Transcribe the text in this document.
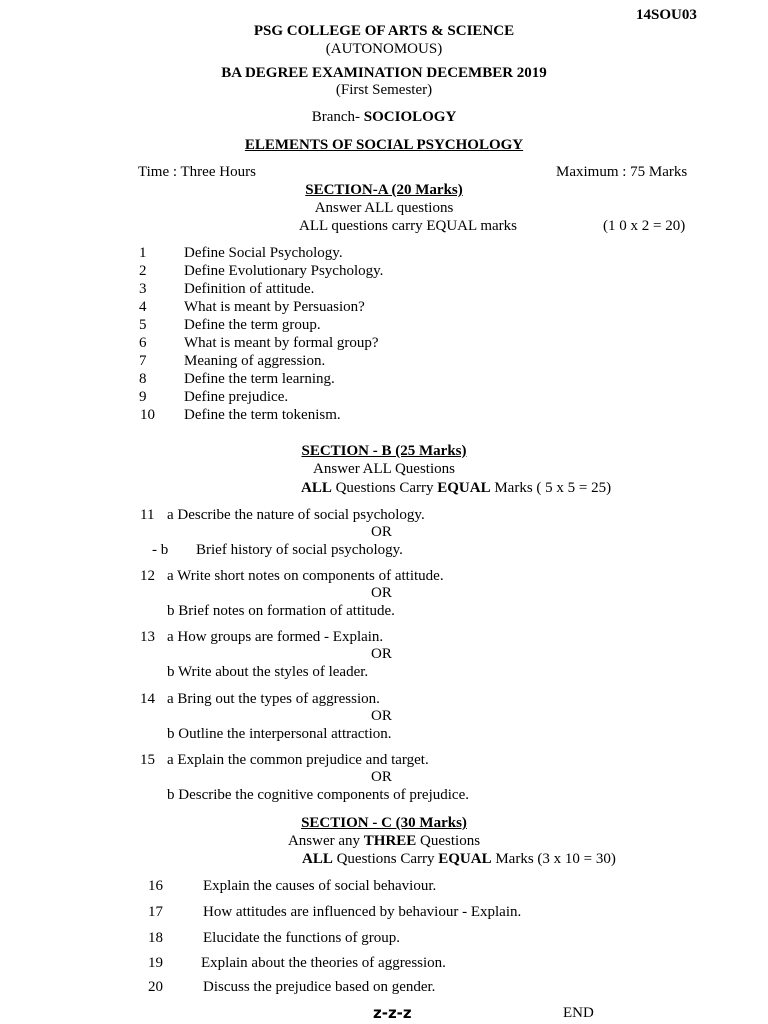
14SOU03
PSG COLLEGE OF ARTS & SCIENCE
(AUTONOMOUS)
BA DEGREE EXAMINATION DECEMBER 2019
(First Semester)
Branch- SOCIOLOGY
ELEMENTS OF SOCIAL PSYCHOLOGY
Time : Three Hours	Maximum : 75 Marks
SECTION-A (20 Marks)
Answer ALL questions
ALL questions carry EQUAL marks	(1 0 x 2 = 20)
1	Define Social Psychology.
2	Define Evolutionary Psychology.
3	Definition of attitude.
4	What is meant by Persuasion?
5	Define the term group.
6	What is meant by formal group?
7	Meaning of aggression.
8	Define the term learning.
9	Define prejudice.
10 Define the term tokenism.
SECTION - B (25 Marks)
Answer ALL Questions
ALL Questions Carry EQUAL Marks ( 5 x 5 = 25)
11 a Describe the nature of social psychology.
OR
- b Brief history of social psychology.
12 a Write short notes on components of attitude.
OR
b Brief notes on formation of attitude.
13 a How groups are formed - Explain.
OR
b Write about the styles of leader.
14 a Bring out the types of aggression.
OR
b Outline the interpersonal attraction.
15 a Explain the common prejudice and target.
OR
b Describe the cognitive components of prejudice.
SECTION - C (30 Marks)
Answer any THREE Questions
ALL Questions Carry EQUAL Marks (3 x 10 = 30)
16	Explain the causes of social behaviour.
17	How attitudes are influenced by behaviour - Explain.
18	Elucidate the functions of group.
19	Explain about the theories of aggression.
20	Discuss the prejudice based on gender.
z-z-z	END
